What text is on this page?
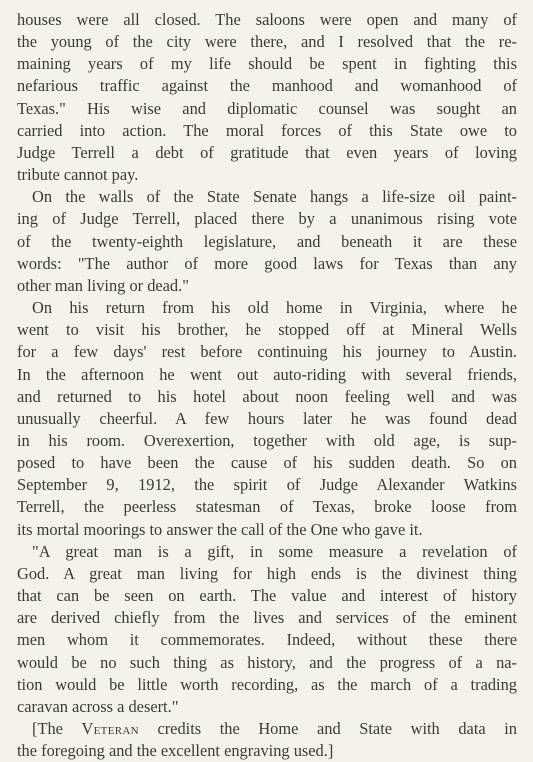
houses were all closed. The saloons were open and many of
the young of the city were there, and I resolved that the re-
maining years of my life should be spent in fighting this
nefarious traffic against the manhood and womanhood of
Texas." His wise and diplomatic counsel was sought an
carried into action. The moral forces of this State owe to
Judge Terrell a debt of gratitude that even years of loving
tribute cannot pay.

On the walls of the State Senate hangs a life-size oil paint-
ing of Judge Terrell, placed there by a unanimous rising vote
of the twenty-eighth legislature, and beneath it are these
words: "The author of more good laws for Texas than any
other man living or dead."

On his return from his old home in Virginia, where he
went to visit his brother, he stopped off at Mineral Wells
for a few days' rest before continuing his journey to Austin.
In the afternoon he went out auto-riding with several friends,
and returned to his hotel about noon feeling well and was
unusually cheerful. A few hours later he was found dead
in his room. Overexertion, together with old age, is sup-
posed to have been the cause of his sudden death. So on
September 9, 1912, the spirit of Judge Alexander Watkins
Terrell, the peerless statesman of Texas, broke loose from
its mortal moorings to answer the call of the One who gave it.

"A great man is a gift, in some measure a revelation of
God. A great man living for high ends is the divinest thing
that can be seen on earth. The value and interest of history
are derived chiefly from the lives and services of the eminent
men whom it commemorates. Indeed, without these there
would be no such thing as history, and the progress of a na-
tion would be little worth recording, as the march of a trading
caravan across a desert."

[The Veteran credits the Home and State with data in
the foregoing and the excellent engraving used.]
